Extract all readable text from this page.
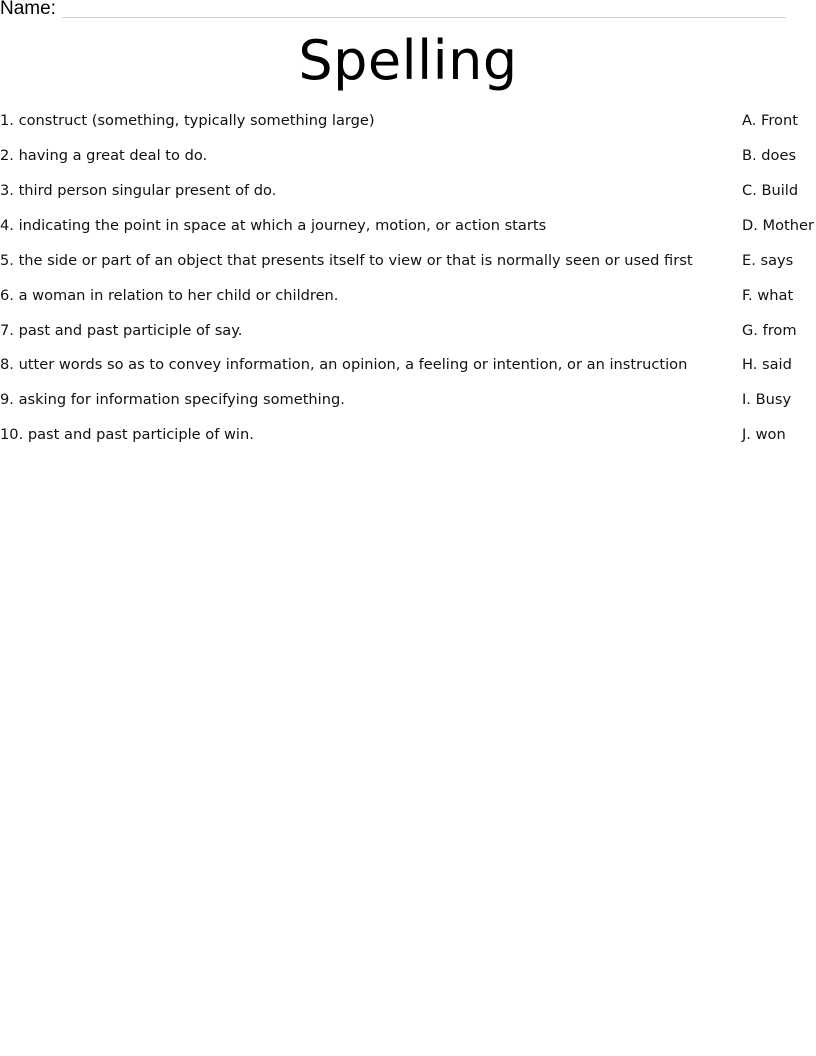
Name:
Spelling
1. construct (something, typically something large)
2. having a great deal to do.
3. third person singular present of do.
4. indicating the point in space at which a journey, motion, or action starts
5. the side or part of an object that presents itself to view or that is normally seen or used first
6. a woman in relation to her child or children.
7. past and past participle of say.
8. utter words so as to convey information, an opinion, a feeling or intention, or an instruction
9. asking for information specifying something.
10. past and past participle of win.
A. Front
B. does
C. Build
D. Mother
E. says
F. what
G. from
H. said
I. Busy
J. won
